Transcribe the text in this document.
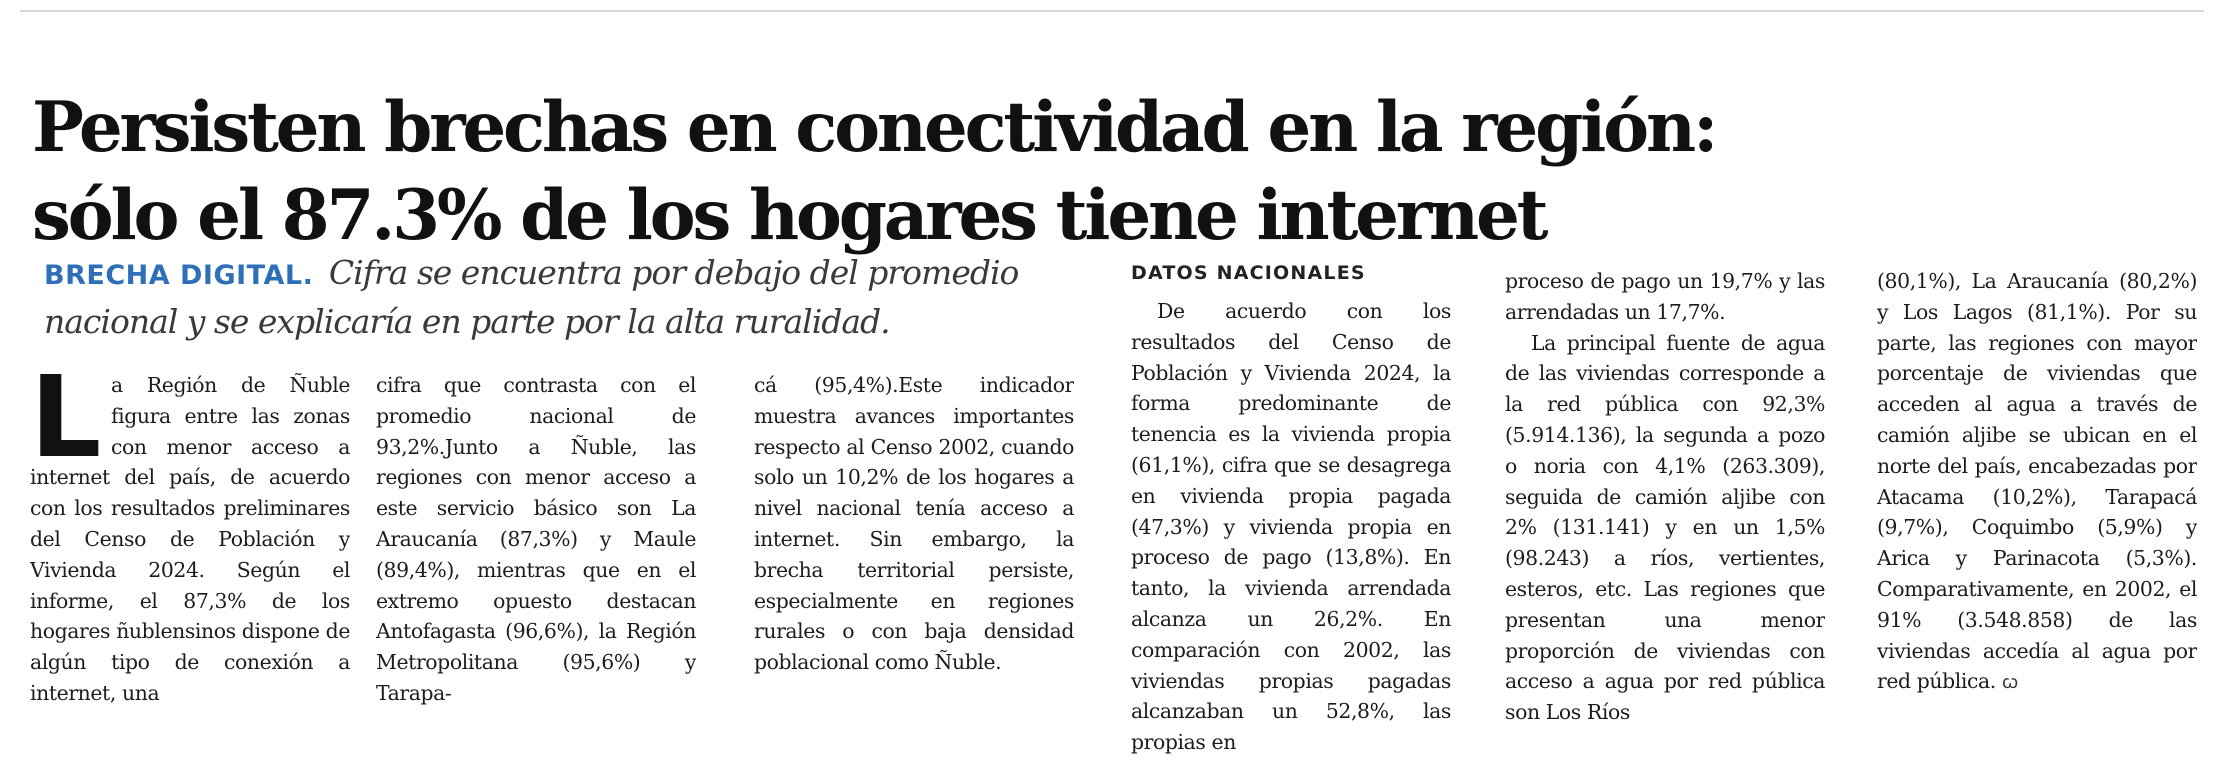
Persisten brechas en conectividad en la región:
sólo el 87.3% de los hogares tiene internet
BRECHA DIGITAL. Cifra se encuentra por debajo del promedio nacional y se explicaría en parte por la alta ruralidad.

La Región de Ñuble figura entre las zonas con menor acceso a internet del país, de acuerdo con los resultados preliminares del Censo de Población y Vivienda 2024. Según el informe, el 87,3% de los hogares ñublensinos dispone de algún tipo de conexión a internet, una

cifra que contrasta con el promedio nacional de 93,2%.Junto a Ñuble, las regiones con menor acceso a este servicio básico son La Araucanía (87,3%) y Maule (89,4%), mientras que en el extremo opuesto destacan Antofagasta (96,6%), la Región Metropolitana (95,6%) y Tarapa-

cá (95,4%).Este indicador muestra avances importantes respecto al Censo 2002, cuando solo un 10,2% de los hogares a nivel nacional tenía acceso a internet. Sin embargo, la brecha territorial persiste, especialmente en regiones rurales o con baja densidad poblacional como Ñuble.

DATOS NACIONALES

De acuerdo con los resultados del Censo de Población y Vivienda 2024, la forma predominante de tenencia es la vivienda propia (61,1%), cifra que se desagrega en vivienda propia pagada (47,3%) y vivienda propia en proceso de pago (13,8%). En tanto, la vivienda arrendada alcanza un 26,2%. En comparación con 2002, las viviendas propias pagadas alcanzaban un 52,8%, las propias en

proceso de pago un 19,7% y las arrendadas un 17,7%.

La principal fuente de agua de las viviendas corresponde a la red pública con 92,3% (5.914.136), la segunda a pozo o noria con 4,1% (263.309), seguida de camión aljibe con 2% (131.141) y en un 1,5% (98.243) a ríos, vertientes, esteros, etc. Las regiones que presentan una menor proporción de viviendas con acceso a agua por red pública son Los Ríos

(80,1%), La Araucanía (80,2%) y Los Lagos (81,1%). Por su parte, las regiones con mayor porcentaje de viviendas que acceden al agua a través de camión aljibe se ubican en el norte del país, encabezadas por Atacama (10,2%), Tarapacá (9,7%), Coquimbo (5,9%) y Arica y Parinacota (5,3%). Comparativamente, en 2002, el 91% (3.548.858) de las viviendas accedía al agua por red pública. ꞷ
